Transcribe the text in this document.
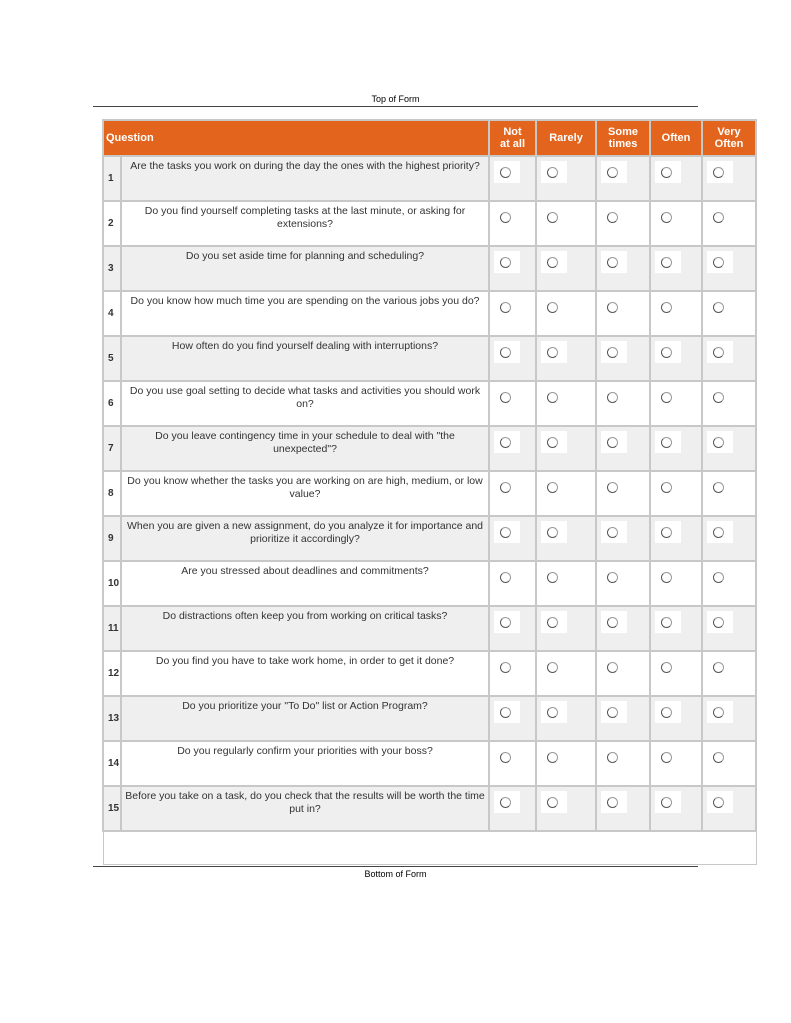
Top of Form
Question		Not at all	Rarely	Some times	Often	Very Often
1	Are the tasks you work on during the day the ones with the highest priority?	

2	Do you find yourself completing tasks at the last minute, or asking for extensions?	

3	Do you set aside time for planning and scheduling?	

4	Do you know how much time you are spending on the various jobs you do?	

5	How often do you find yourself dealing with interruptions?	

6	Do you use goal setting to decide what tasks and activities you should work on?	

7	Do you leave contingency time in your schedule to deal with "the unexpected"?	

8	Do you know whether the tasks you are working on are high, medium, or low value?	

9	When you are given a new assignment, do you analyze it for importance and prioritize it accordingly?	

10	Are you stressed about deadlines and commitments?	

11	Do distractions often keep you from working on critical tasks?	

12	Do you find you have to take work home, in order to get it done?	

13	Do you prioritize your "To Do" list or Action Program?	

14	Do you regularly confirm your priorities with your boss?	

15	Before you take on a task, do you check that the results will be worth the time put in?	

Bottom of Form
